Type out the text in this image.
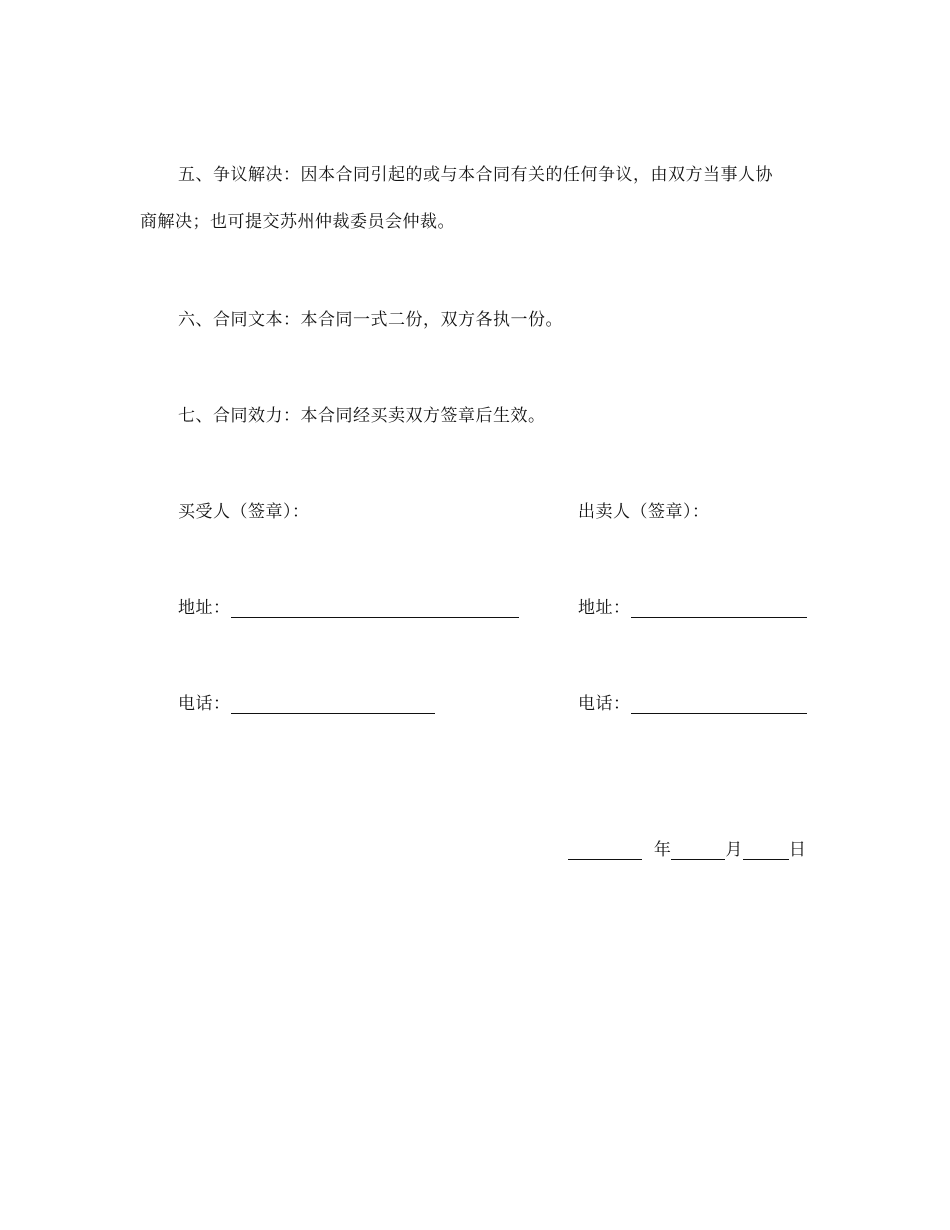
五、争议解决：因本合同引起的或与本合同有关的任何争议，由双方当事人协
商解决；也可提交苏州仲裁委员会仲裁。
六、合同文本：本合同一式二份，双方各执一份。
七、合同效力：本合同经买卖双方签章后生效。
买受人（签章）：	出卖人（签章）：
地址：	地址：
电话：	电话：
年	月	日
